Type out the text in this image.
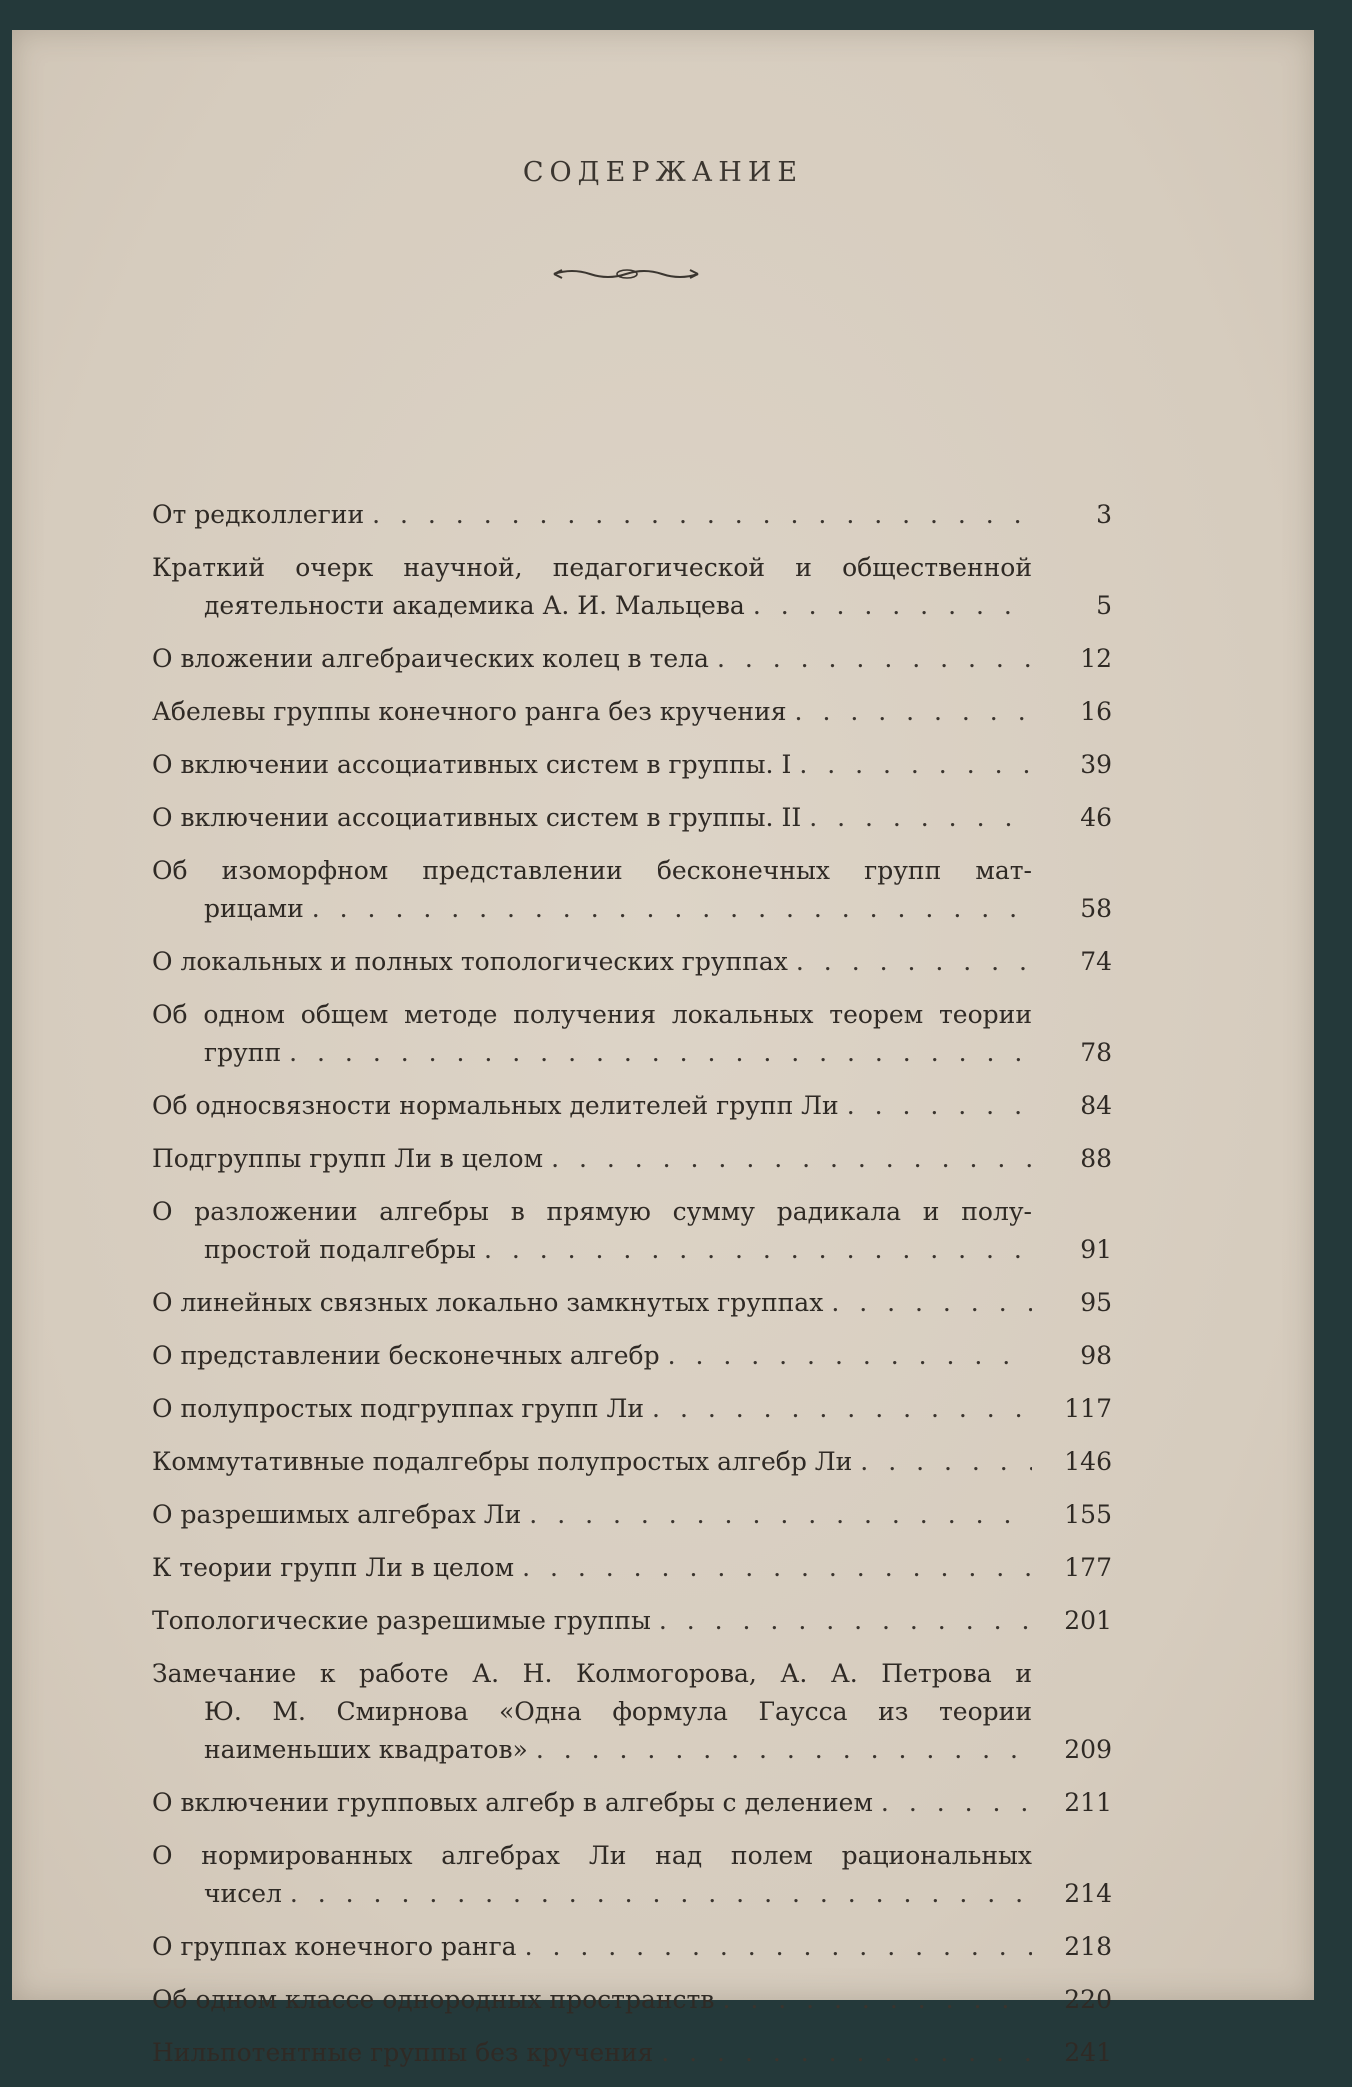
СОДЕРЖАНИЕ
От редколлегии . . .	3
Краткий очерк научной, педагогической и общественной
деятельности академика А. И. Мальцева . . .	5
О вложении алгебраических колец в тела . . .	12
Абелевы группы конечного ранга без кручения . . .	16
О включении ассоциативных систем в группы. I . . .	39
О включении ассоциативных систем в группы. II . . .	46
Об изоморфном представлении бесконечных групп мат-
рицами . . .	58
О локальных и полных топологических группах . . .	74
Об одном общем методе получения локальных теорем теории
групп . . .	78
Об односвязности нормальных делителей групп Ли . . .	84
Подгруппы групп Ли в целом . . .	88
О разложении алгебры в прямую сумму радикала и полу-
простой подалгебры . . .	91
О линейных связных локально замкнутых группах . . .	95
О представлении бесконечных алгебр . . .	98
О полупростых подгруппах групп Ли . . .	117
Коммутативные подалгебры полупростых алгебр Ли . . .	146
О разрешимых алгебрах Ли . . .	155
К теории групп Ли в целом . . .	177
Топологические разрешимые группы . . .	201
Замечание к работе А. Н. Колмогорова, А. А. Петрова и
Ю. М. Смирнова «Одна формула Гаусса из теории
наименьших квадратов» . . .	209
О включении групповых алгебр в алгебры с делением . . .	211
О нормированных алгебрах Ли над полем рациональных
чисел . . .	214
О группах конечного ранга . . .	218
Об одном классе однородных пространств . . .	220
Нильпотентные группы без кручения . . .	241
